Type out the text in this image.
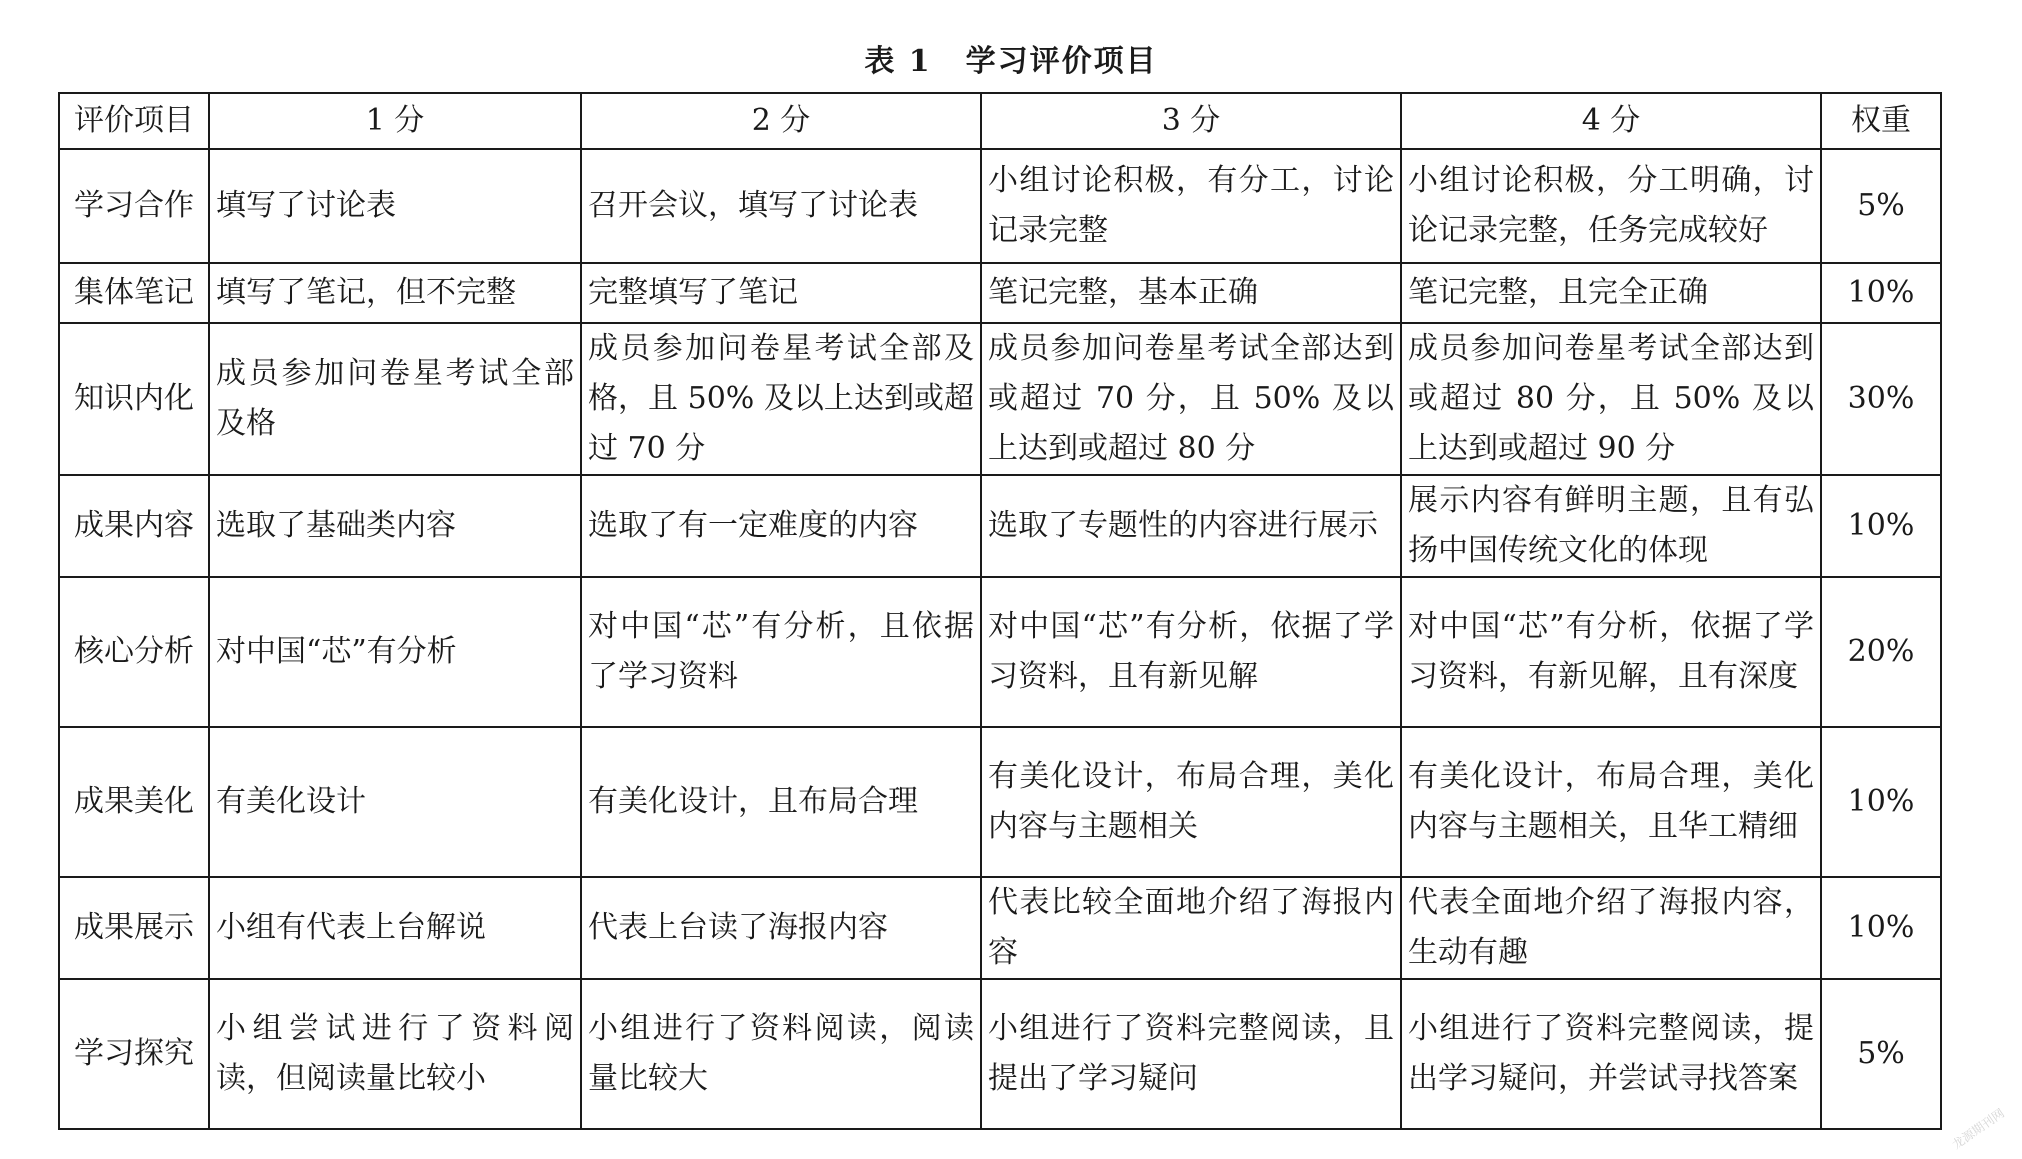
表 1 学习评价项目
评价项目	1 分	2 分	3 分	4 分	权重
学习合作	填写了讨论表	召开会议，填写了讨论表	小组讨论积极，有分工，讨论记录完整	小组讨论积极，分工明确，讨论记录完整，任务完成较好	5%
集体笔记	填写了笔记，但不完整	完整填写了笔记	笔记完整，基本正确	笔记完整，且完全正确	10%
知识内化	成员参加问卷星考试全部及格	成员参加问卷星考试全部及格，且 50% 及以上达到或超过 70 分	成员参加问卷星考试全部达到或超过 70 分，且 50% 及以上达到或超过 80 分	成员参加问卷星考试全部达到或超过 80 分，且 50% 及以上达到或超过 90 分	30%
成果内容	选取了基础类内容	选取了有一定难度的内容	选取了专题性的内容进行展示	展示内容有鲜明主题，且有弘扬中国传统文化的体现	10%
核心分析	对中国“芯”有分析	对中国“芯”有分析，且依据了学习资料	对中国“芯”有分析，依据了学习资料，且有新见解	对中国“芯”有分析，依据了学习资料，有新见解，且有深度	20%
成果美化	有美化设计	有美化设计，且布局合理	有美化设计，布局合理，美化内容与主题相关	有美化设计，布局合理，美化内容与主题相关，且华工精细	10%
成果展示	小组有代表上台解说	代表上台读了海报内容	代表比较全面地介绍了海报内容	代表全面地介绍了海报内容，生动有趣	10%
学习探究	小组尝试进行了资料阅读，但阅读量比较小	小组进行了资料阅读，阅读量比较大	小组进行了资料完整阅读，且提出了学习疑问	小组进行了资料完整阅读，提出学习疑问，并尝试寻找答案	5%
龙源期刊网
